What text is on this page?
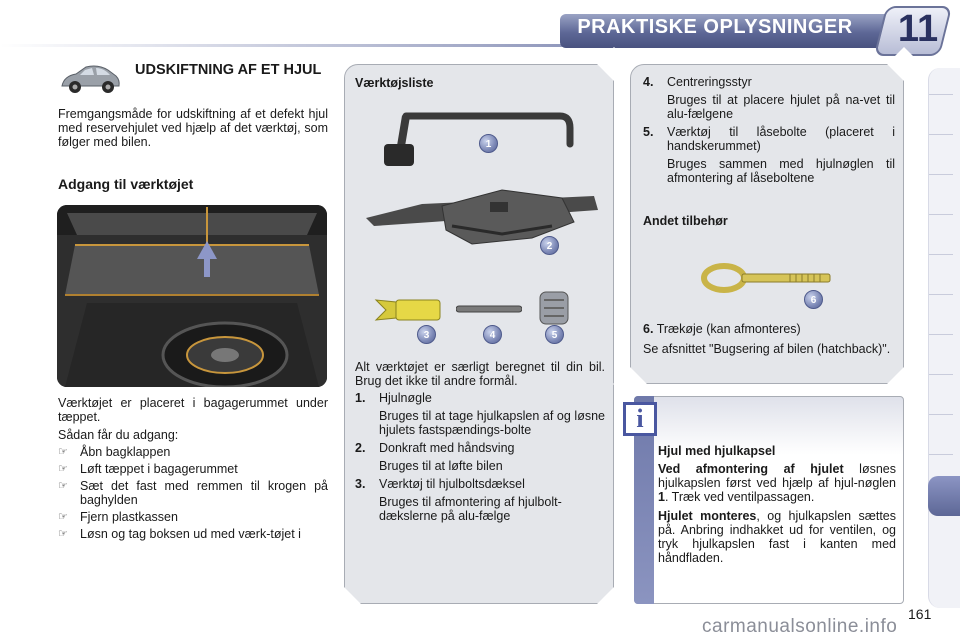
PRAKTISKE OPLYSNINGER	11
UDSKIFTNING AF ET HJUL
Fremgangsmåde for udskiftning af et defekt hjul med reservehjulet ved hjælp af det værktøj, som følger med bilen.
Adgang til værktøjet
Værktøjet er placeret i bagagerummet under tæppet.
Sådan får du adgang:
☞ Åbn bagklappen
☞ Løft tæppet i bagagerummet
☞ Sæt det fast med remmen til krogen på baghylden
☞ Fjern plastkassen
☞ Løsn og tag boksen ud med værk-tøjet i
Værktøjsliste
1
2
3	4	5
Alt værktøjet er særligt beregnet til din bil. Brug det ikke til andre formål.
1.	Hjulnøgle
Bruges til at tage hjulkapslen af og løsne hjulets fastspændings-bolte
2.	Donkraft med håndsving
Bruges til at løfte bilen
3.	Værktøj til hjulboltsdæksel
Bruges til afmontering af hjulbolt-dækslerne på alu-fælge
4.	Centreringsstyr
Bruges til at placere hjulet på na-vet til alu-fælgene
5.	Værktøj til låsebolte (placeret i handskerummet)
Bruges sammen med hjulnøglen til afmontering af låseboltene
Andet tilbehør
6
6. Trækøje (kan afmonteres)
Se afsnittet "Bugsering af bilen (hatchback)".
i
Hjul med hjulkapsel
Ved afmontering af hjulet løsnes hjulkapslen først ved hjælp af hjul-nøglen 1. Træk ved ventilpassagen.
Hjulet monteres, og hjulkapslen sættes på. Anbring indhakket ud for ventilen, og tryk hjulkapslen fast i kanten med håndfladen.
161
carmanualsonline.info
